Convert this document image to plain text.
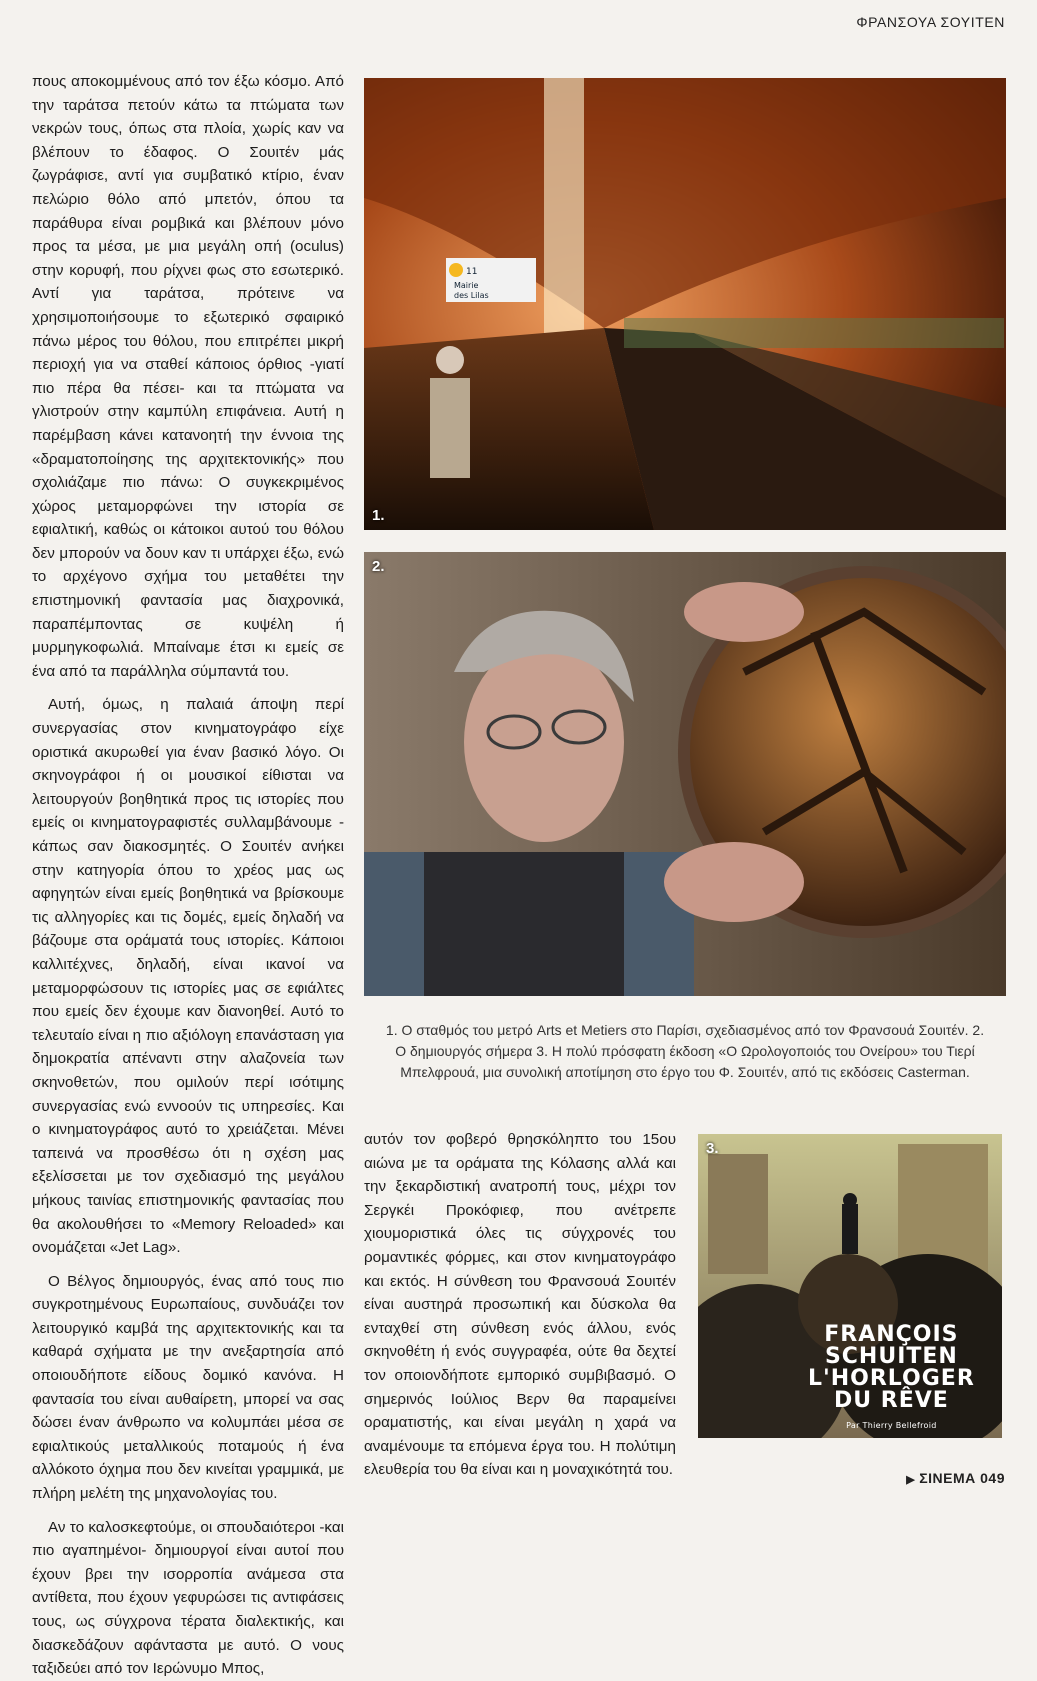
ΦΡΑΝΣΟΥΑ ΣΟΥΙΤΕΝ

πους αποκομμένους από τον έξω κόσμο. Από την ταράτσα πετούν κάτω τα πτώματα των νεκρών τους, όπως στα πλοία, χωρίς καν να βλέπουν το έδαφος. Ο Σουιτέν μάς ζωγράφισε, αντί για συμβατικό κτίριο, έναν πελώριο θόλο από μπετόν, όπου τα παράθυρα είναι ρομβικά και βλέπουν μόνο προς τα μέσα, με μια μεγάλη οπή (oculus) στην κορυφή, που ρίχνει φως στο εσωτερικό. Αντί για ταράτσα, πρότεινε να χρησιμοποιήσουμε το εξωτερικό σφαιρικό πάνω μέρος του θόλου, που επιτρέπει μικρή περιοχή για να σταθεί κάποιος όρθιος -γιατί πιο πέρα θα πέσει- και τα πτώματα να γλιστρούν στην καμπύλη επιφάνεια. Αυτή η παρέμβαση κάνει κατανοητή την έννοια της «δραματοποίησης της αρχιτεκτονικής» που σχολιάζαμε πιο πάνω: Ο συγκεκριμένος χώρος μεταμορφώνει την ιστορία σε εφιαλτική, καθώς οι κάτοικοι αυτού του θόλου δεν μπορούν να δουν καν τι υπάρχει έξω, ενώ το αρχέγονο σχήμα του μεταθέτει την επιστημονική φαντασία μας διαχρονικά, παραπέμποντας σε κυψέλη ή μυρμηγκοφωλιά. Μπαίναμε έτσι κι εμείς σε ένα από τα παράλληλα σύμπαντά του.

Αυτή, όμως, η παλαιά άποψη περί συνεργασίας στον κινηματογράφο είχε οριστικά ακυρωθεί για έναν βασικό λόγο. Οι σκηνογράφοι ή οι μουσικοί είθισται να λειτουργούν βοηθητικά προς τις ιστορίες που εμείς οι κινηματογραφιστές συλλαμβάνουμε - κάπως σαν διακοσμητές. Ο Σουιτέν ανήκει στην κατηγορία όπου το χρέος μας ως αφηγητών είναι εμείς βοηθητικά να βρίσκουμε τις αλληγορίες και τις δομές, εμείς δηλαδή να βάζουμε στα οράματά τους ιστορίες. Κάποιοι καλλιτέχνες, δηλαδή, είναι ικανοί να μεταμορφώσουν τις ιστορίες μας σε εφιάλτες που εμείς δεν έχουμε καν διανοηθεί. Αυτό το τελευταίο είναι η πιο αξιόλογη επανάσταση για δημοκρατία απέναντι στην αλαζονεία των σκηνοθετών, που ομιλούν περί ισότιμης συνεργασίας ενώ εννοούν τις υπηρεσίες. Και ο κινηματογράφος αυτό το χρειάζεται. Μένει ταπεινά να προσθέσω ότι η σχέση μας εξελίσσεται με τον σχεδιασμό της μεγάλου μήκους ταινίας επιστημονικής φαντασίας που θα ακολουθήσει το «Memory Reloaded» και ονομάζεται «Jet Lag».

Ο Βέλγος δημιουργός, ένας από τους πιο συγκροτημένους Ευρωπαίους, συνδυάζει τον λειτουργικό καμβά της αρχιτεκτονικής και τα καθαρά σχήματα με την ανεξαρτησία από οποιουδήποτε είδους δομικό κανόνα. Η φαντασία του είναι αυθαίρετη, μπορεί να σας δώσει έναν άνθρωπο να κολυμπάει μέσα σε εφιαλτικούς μεταλλικούς ποταμούς ή ένα αλλόκοτο όχημα που δεν κινείται γραμμικά, με πλήρη μελέτη της μηχανολογίας του.

Αν το καλοσκεφτούμε, οι σπουδαιότεροι -και πιο αγαπημένοι- δημιουργοί είναι αυτοί που έχουν βρει την ισορροπία ανάμεσα στα αντίθετα, που έχουν γεφυρώσει τις αντιφάσεις τους, ως σύγχρονα τέρατα διαλεκτικής, και διασκεδάζουν αφάνταστα με αυτό. Ο νους ταξιδεύει από τον Ιερώνυμο Μπος,

11
Mairie
des Lilas
1.
2.
1. Ο σταθμός του μετρό Arts et Metiers στο Παρίσι, σχεδιασμένος από τον Φρανσουά Σουιτέν. 2. Ο δημιουργός σήμερα 3. Η πολύ πρόσφατη έκδοση «Ο Ωρολογοποιός του Ονείρου» του Τιερί Μπελφρουά, μια συνολική αποτίμηση στο έργο του Φ. Σουιτέν, από τις εκδόσεις Casterman.

αυτόν τον φοβερό θρησκόληπτο του 15ου αιώνα με τα οράματα της Κόλασης αλλά και την ξεκαρδιστική ανατροπή τους, μέχρι τον Σεργκέι Προκόφιεφ, που ανέτρεπε χιουμοριστικά όλες τις σύγχρονές του ρομαντικές φόρμες, και στον κινηματογράφο και εκτός. Η σύνθεση του Φρανσουά Σουιτέν είναι αυστηρά προσωπική και δύσκολα θα ενταχθεί στη σύνθεση ενός άλλου, ενός σκηνοθέτη ή ενός συγγραφέα, ούτε θα δεχτεί τον οποιονδήποτε εμπορικό συμβιβασμό. Ο σημερινός Ιούλιος Βερν θα παραμείνει οραματιστής, και είναι μεγάλη η χαρά να αναμένουμε τα επόμενα έργα του. Η πολύτιμη ελευθερία του θα είναι και η μοναχικότητά του.

3.
FRANÇOIS
SCHUITEN
L'HORLOGER
DU RÊVE
Par Thierry Bellefroid
▶ ΣΙΝΕΜΑ 049
